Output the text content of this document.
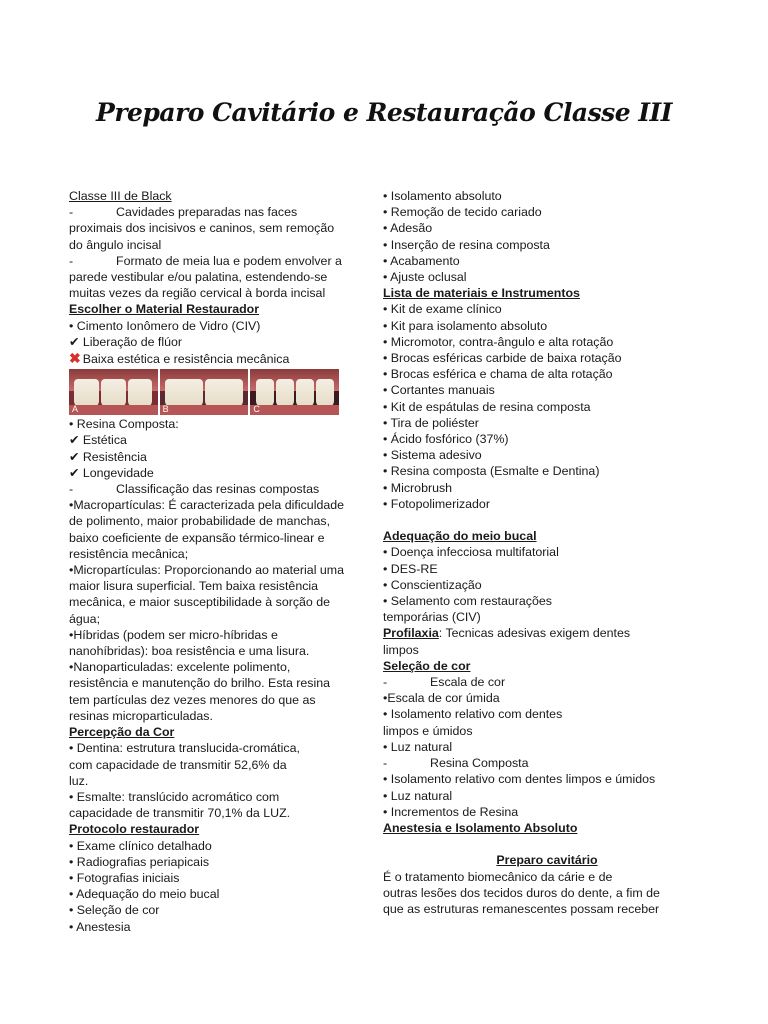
Preparo Cavitário e Restauração Classe III
Classe III de Black
-	Cavidades preparadas nas faces
proximais dos incisivos e caninos, sem remoção
do ângulo incisal
-	Formato de meia lua e podem envolver a
parede vestibular e/ou palatina, estendendo-se
muitas vezes da região cervical à borda incisal
Escolher o Material Restaurador
• Cimento Ionômero de Vidro (CIV)
✔ Liberação de flúor
✖ Baixa estética e resistência mecânica
A	B	C
• Resina Composta:
✔ Estética
✔ Resistência
✔ Longevidade
-	Classificação das resinas compostas
•Macropartículas: É caracterizada pela dificuldade
de polimento, maior probabilidade de manchas,
baixo coeficiente de expansão térmico-linear e
resistência mecânica;
•Micropartículas: Proporcionando ao material uma
maior lisura superficial. Tem baixa resistência
mecânica, e maior susceptibilidade à sorção de
água;
•Híbridas (podem ser micro-híbridas e
nanohíbridas): boa resistência e uma lisura.
•Nanoparticuladas: excelente polimento,
resistência e manutenção do brilho. Esta resina
tem partículas dez vezes menores do que as
resinas microparticuladas.
Percepção da Cor
• Dentina: estrutura translucida-cromática,
com capacidade de transmitir 52,6% da
luz.
• Esmalte: translúcido acromático com
capacidade de transmitir 70,1% da LUZ.
Protocolo restaurador
• Exame clínico detalhado
• Radiografias periapicais
• Fotografias iniciais
• Adequação do meio bucal
• Seleção de cor
• Anestesia
• Isolamento absoluto
• Remoção de tecido cariado
• Adesão
• Inserção de resina composta
• Acabamento
• Ajuste oclusal
Lista de materiais e Instrumentos
• Kit de exame clínico
• Kit para isolamento absoluto
• Micromotor, contra-ângulo e alta rotação
• Brocas esféricas carbide de baixa rotação
• Brocas esférica e chama de alta rotação
• Cortantes manuais
• Kit de espátulas de resina composta
• Tira de poliéster
• Ácido fosfórico (37%)
• Sistema adesivo
• Resina composta (Esmalte e Dentina)
• Microbrush
• Fotopolimerizador
Adequação do meio bucal
• Doença infecciosa multifatorial
• DES-RE
• Conscientização
• Selamento com restaurações
temporárias (CIV)
Profilaxia: Tecnicas adesivas exigem dentes
limpos
Seleção de cor
-	Escala de cor
•Escala de cor úmida
• Isolamento relativo com dentes
limpos e úmidos
• Luz natural
-	Resina Composta
• Isolamento relativo com dentes limpos e úmidos
• Luz natural
• Incrementos de Resina
Anestesia e Isolamento Absoluto
Preparo cavitário
É o tratamento biomecânico da cárie e de
outras lesões dos tecidos duros do dente, a fim de
que as estruturas remanescentes possam receber
